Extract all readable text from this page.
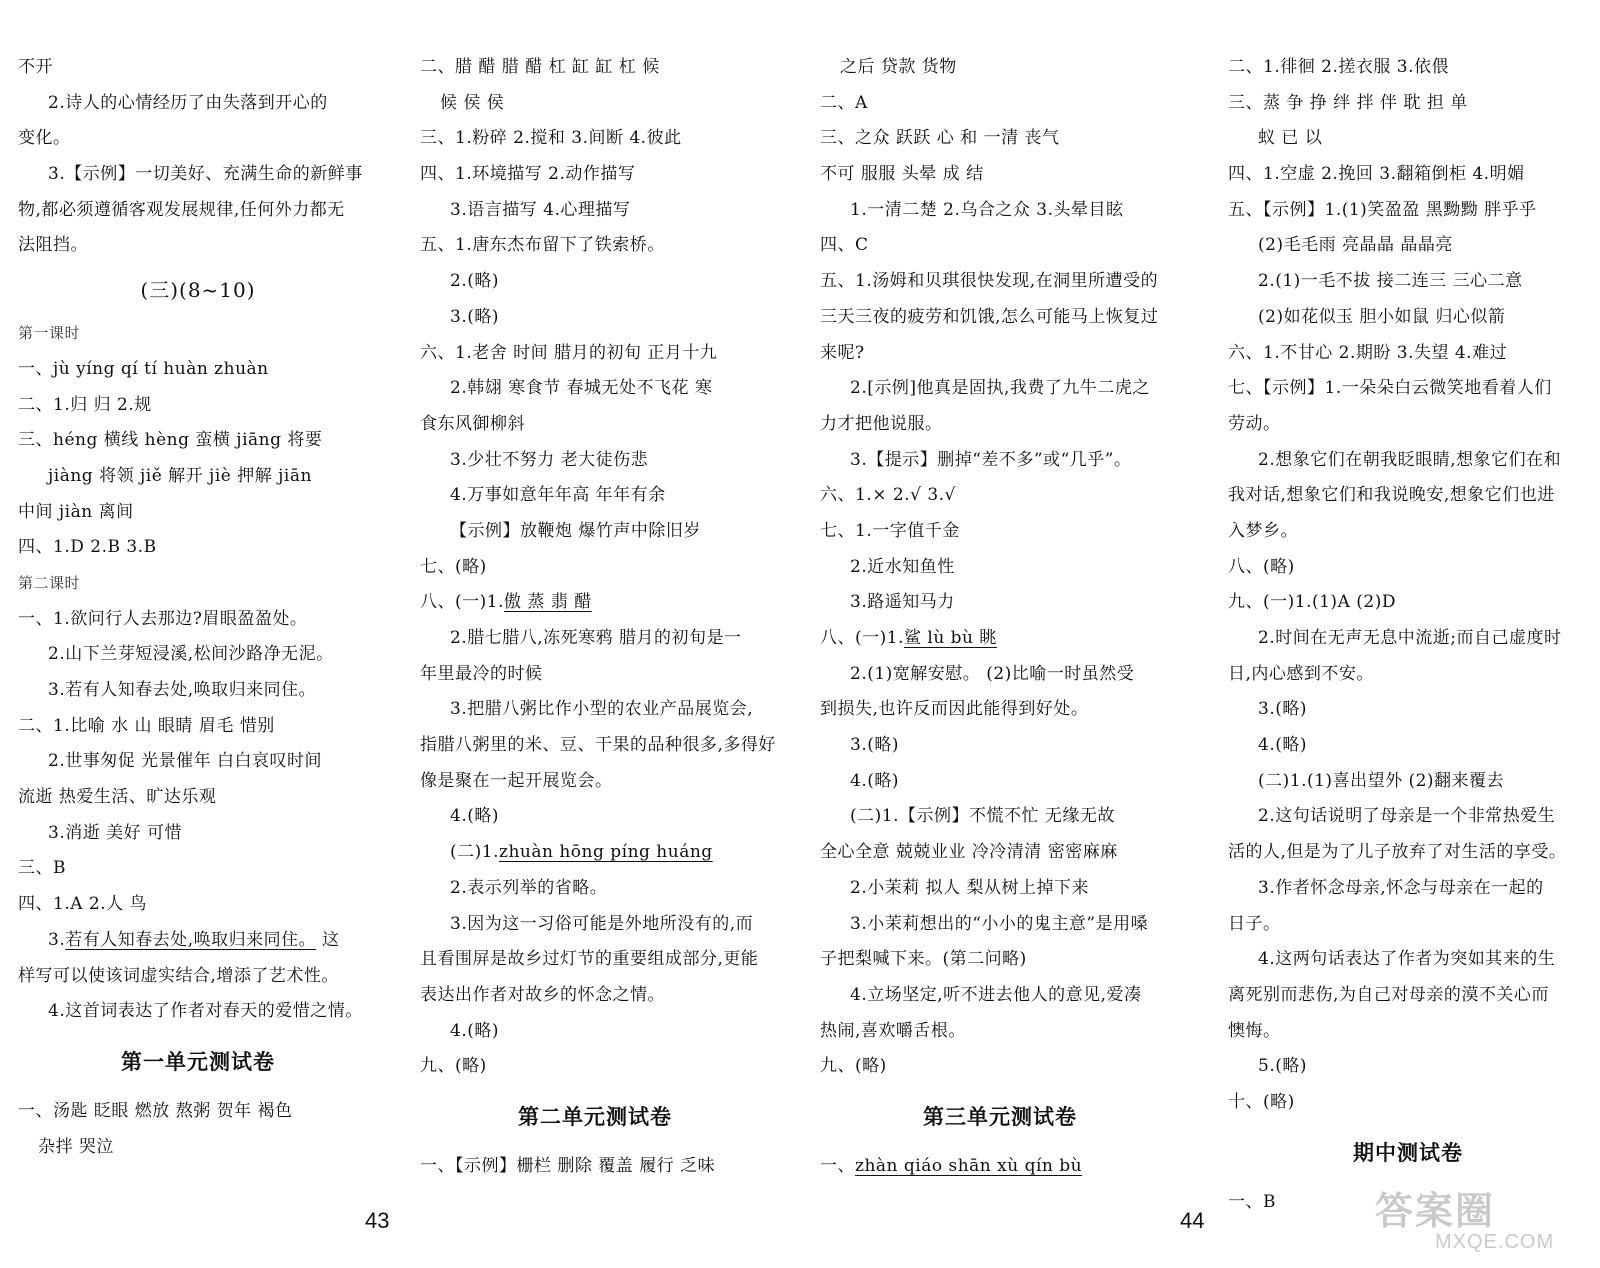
不开
2.诗人的心情经历了由失落到开心的
变化。
3.【示例】一切美好、充满生命的新鲜事
物,都必须遵循客观发展规律,任何外力都无
法阻挡。
(三)(8~10)
第一课时
一、jù yíng qí tí huàn zhuàn
二、1.归 归 2.规
三、héng 横线 hèng 蛮横 jiāng 将要
jiàng 将领 jiě 解开 jiè 押解 jiān
中间 jiàn 离间
四、1.D 2.B 3.B
第二课时
一、1.欲问行人去那边?眉眼盈盈处。
2.山下兰芽短浸溪,松间沙路净无泥。
3.若有人知春去处,唤取归来同住。
二、1.比喻 水 山 眼睛 眉毛 惜别
2.世事匆促 光景催年 白白哀叹时间
流逝 热爱生活、旷达乐观
3.消逝 美好 可惜
三、B
四、1.A 2.人 鸟
3.若有人知春去处,唤取归来同住。 这
样写可以使该词虚实结合,增添了艺术性。
4.这首词表达了作者对春天的爱惜之情。
第一单元测试卷
一、汤匙 眨眼 燃放 熬粥 贺年 褐色
杂拌 哭泣
二、腊 醋 腊 醋 杠 缸 缸 杠 候
候 侯 侯
三、1.粉碎 2.搅和 3.间断 4.彼此
四、1.环境描写 2.动作描写
3.语言描写 4.心理描写
五、1.唐东杰布留下了铁索桥。
2.(略)
3.(略)
六、1.老舍 时间 腊月的初旬 正月十九
2.韩翃 寒食节 春城无处不飞花 寒
食东风御柳斜
3.少壮不努力 老大徒伤悲
4.万事如意年年高 年年有余
【示例】放鞭炮 爆竹声中除旧岁
七、(略)
八、(一)1.傲 蒸 翡 醋
2.腊七腊八,冻死寒鸦 腊月的初旬是一
年里最冷的时候
3.把腊八粥比作小型的农业产品展览会,
指腊八粥里的米、豆、干果的品种很多,多得好
像是聚在一起开展览会。
4.(略)
(二)1.zhuàn hōng píng huáng
2.表示列举的省略。
3.因为这一习俗可能是外地所没有的,而
且看围屏是故乡过灯节的重要组成部分,更能
表达出作者对故乡的怀念之情。
4.(略)
九、(略)
第二单元测试卷
一、【示例】栅栏 删除 覆盖 履行 乏味
之后 贷款 货物
二、A
三、之众 跃跃 心 和 一清 丧气
不可 服服 头晕 成 结
1.一清二楚 2.乌合之众 3.头晕目眩
四、C
五、1.汤姆和贝琪很快发现,在洞里所遭受的
三天三夜的疲劳和饥饿,怎么可能马上恢复过
来呢?
2.[示例]他真是固执,我费了九牛二虎之
力才把他说服。
3.【提示】删掉“差不多”或“几乎”。
六、1.× 2.√ 3.√
七、1.一字值千金
2.近水知鱼性
3.路遥知马力
八、(一)1.鲨 lù bù 眺
2.(1)宽解安慰。 (2)比喻一时虽然受
到损失,也许反而因此能得到好处。
3.(略)
4.(略)
(二)1.【示例】不慌不忙 无缘无故
全心全意 兢兢业业 冷冷清清 密密麻麻
2.小茉莉 拟人 梨从树上掉下来
3.小茉莉想出的“小小的鬼主意”是用嗓
子把梨喊下来。(第二问略)
4.立场坚定,听不进去他人的意见,爱凑
热闹,喜欢嚼舌根。
九、(略)
第三单元测试卷
一、zhàn qiáo shān xù qín bù
二、1.徘徊 2.搓衣服 3.依偎
三、蒸 争 挣 绊 拌 伴 耽 担 单
蚁 已 以
四、1.空虚 2.挽回 3.翻箱倒柜 4.明媚
五、【示例】1.(1)笑盈盈 黑黝黝 胖乎乎
(2)毛毛雨 亮晶晶 晶晶亮
2.(1)一毛不拔 接二连三 三心二意
(2)如花似玉 胆小如鼠 归心似箭
六、1.不甘心 2.期盼 3.失望 4.难过
七、【示例】1.一朵朵白云微笑地看着人们
劳动。
2.想象它们在朝我眨眼睛,想象它们在和
我对话,想象它们和我说晚安,想象它们也进
入梦乡。
八、(略)
九、(一)1.(1)A (2)D
2.时间在无声无息中流逝;而自己虚度时
日,内心感到不安。
3.(略)
4.(略)
(二)1.(1)喜出望外 (2)翻来覆去
2.这句话说明了母亲是一个非常热爱生
活的人,但是为了儿子放弃了对生活的享受。
3.作者怀念母亲,怀念与母亲在一起的
日子。
4.这两句话表达了作者为突如其来的生
离死别而悲伤,为自己对母亲的漠不关心而
懊悔。
5.(略)
十、(略)
期中测试卷
一、B
43	44	答案圈
MXQE.COM
